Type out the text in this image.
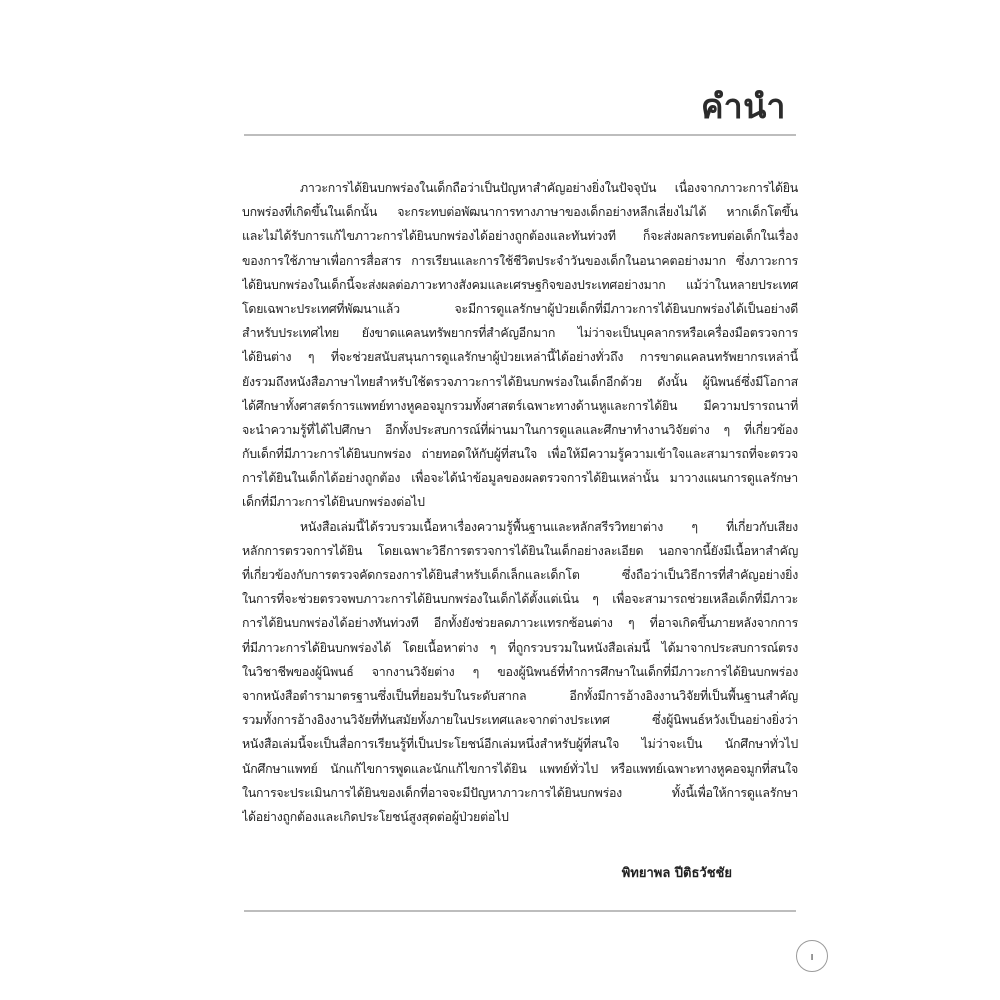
คำนำ
ภาวะการได้ยินบกพร่องในเด็กถือว่าเป็นปัญหาสำคัญอย่างยิ่งในปัจจุบัน เนื่องจากภาวะการได้ยิน
บกพร่องที่เกิดขึ้นในเด็กนั้น จะกระทบต่อพัฒนาการทางภาษาของเด็กอย่างหลีกเลี่ยงไม่ได้ หากเด็กโตขึ้น
และไม่ได้รับการแก้ไขภาวะการได้ยินบกพร่องได้อย่างถูกต้องและทันท่วงที ก็จะส่งผลกระทบต่อเด็กในเรื่อง
ของการใช้ภาษาเพื่อการสื่อสาร การเรียนและการใช้ชีวิตประจำวันของเด็กในอนาคตอย่างมาก ซึ่งภาวะการ
ได้ยินบกพร่องในเด็กนี้จะส่งผลต่อภาวะทางสังคมและเศรษฐกิจของประเทศอย่างมาก แม้ว่าในหลายประเทศ
โดยเฉพาะประเทศที่พัฒนาแล้ว จะมีการดูแลรักษาผู้ป่วยเด็กที่มีภาวะการได้ยินบกพร่องได้เป็นอย่างดี
สำหรับประเทศไทย ยังขาดแคลนทรัพยากรที่สำคัญอีกมาก ไม่ว่าจะเป็นบุคลากรหรือเครื่องมือตรวจการ
ได้ยินต่าง ๆ ที่จะช่วยสนับสนุนการดูแลรักษาผู้ป่วยเหล่านี้ได้อย่างทั่วถึง การขาดแคลนทรัพยากรเหล่านี้
ยังรวมถึงหนังสือภาษาไทยสำหรับใช้ตรวจภาวะการได้ยินบกพร่องในเด็กอีกด้วย ดังนั้น ผู้นิพนธ์ซึ่งมีโอกาส
ได้ศึกษาทั้งศาสตร์การแพทย์ทางหูคอจมูกรวมทั้งศาสตร์เฉพาะทางด้านหูและการได้ยิน มีความปรารถนาที่
จะนำความรู้ที่ได้ไปศึกษา อีกทั้งประสบการณ์ที่ผ่านมาในการดูแลและศึกษาทำงานวิจัยต่าง ๆ ที่เกี่ยวข้อง
กับเด็กที่มีภาวะการได้ยินบกพร่อง ถ่ายทอดให้กับผู้ที่สนใจ เพื่อให้มีความรู้ความเข้าใจและสามารถที่จะตรวจ
การได้ยินในเด็กได้อย่างถูกต้อง เพื่อจะได้นำข้อมูลของผลตรวจการได้ยินเหล่านั้น มาวางแผนการดูแลรักษา
เด็กที่มีภาวะการได้ยินบกพร่องต่อไป
หนังสือเล่มนี้ได้รวบรวมเนื้อหาเรื่องความรู้พื้นฐานและหลักสรีรวิทยาต่าง ๆ ที่เกี่ยวกับเสียง
หลักการตรวจการได้ยิน โดยเฉพาะวิธีการตรวจการได้ยินในเด็กอย่างละเอียด นอกจากนี้ยังมีเนื้อหาสำคัญ
ที่เกี่ยวข้องกับการตรวจคัดกรองการได้ยินสำหรับเด็กเล็กและเด็กโต ซึ่งถือว่าเป็นวิธีการที่สำคัญอย่างยิ่ง
ในการที่จะช่วยตรวจพบภาวะการได้ยินบกพร่องในเด็กได้ตั้งแต่เนิ่น ๆ เพื่อจะสามารถช่วยเหลือเด็กที่มีภาวะ
การได้ยินบกพร่องได้อย่างทันท่วงที อีกทั้งยังช่วยลดภาวะแทรกซ้อนต่าง ๆ ที่อาจเกิดขึ้นภายหลังจากการ
ที่มีภาวะการได้ยินบกพร่องได้ โดยเนื้อหาต่าง ๆ ที่ถูกรวบรวมในหนังสือเล่มนี้ ได้มาจากประสบการณ์ตรง
ในวิชาชีพของผู้นิพนธ์ จากงานวิจัยต่าง ๆ ของผู้นิพนธ์ที่ทำการศึกษาในเด็กที่มีภาวะการได้ยินบกพร่อง
จากหนังสือตำรามาตรฐานซึ่งเป็นที่ยอมรับในระดับสากล อีกทั้งมีการอ้างอิงงานวิจัยที่เป็นพื้นฐานสำคัญ
รวมทั้งการอ้างอิงงานวิจัยที่ทันสมัยทั้งภายในประเทศและจากต่างประเทศ ซึ่งผู้นิพนธ์หวังเป็นอย่างยิ่งว่า
หนังสือเล่มนี้จะเป็นสื่อการเรียนรู้ที่เป็นประโยชน์อีกเล่มหนึ่งสำหรับผู้ที่สนใจ ไม่ว่าจะเป็น นักศึกษาทั่วไป
นักศึกษาแพทย์ นักแก้ไขการพูดและนักแก้ไขการได้ยิน แพทย์ทั่วไป หรือแพทย์เฉพาะทางหูคอจมูกที่สนใจ
ในการจะประเมินการได้ยินของเด็กที่อาจจะมีปัญหาภาวะการได้ยินบกพร่อง ทั้งนี้เพื่อให้การดูแลรักษา
ได้อย่างถูกต้องและเกิดประโยชน์สูงสุดต่อผู้ป่วยต่อไป

พิทยาพล ปีติธวัชชัย

ı
